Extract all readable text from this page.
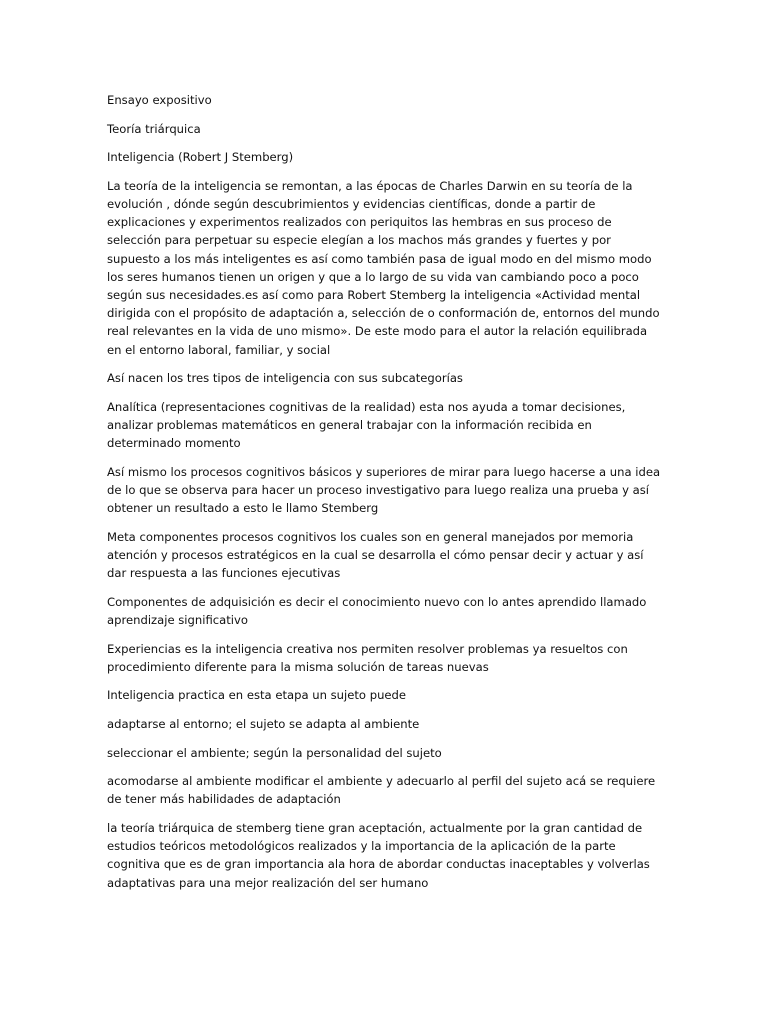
Ensayo expositivo

Teoría triárquica

Inteligencia (Robert J Stemberg)

La teoría de la inteligencia se remontan, a las épocas de Charles Darwin en su teoría de la evolución , dónde según descubrimientos y evidencias científicas, donde a partir de explicaciones y experimentos realizados con periquitos las hembras en sus proceso de selección para perpetuar su especie elegían a los machos más grandes y fuertes y por supuesto a los más inteligentes es así como también pasa de igual modo en del mismo modo los seres humanos tienen un origen y que a lo largo de su vida van cambiando poco a poco según sus necesidades.es así como para Robert Stemberg la inteligencia «Actividad mental dirigida con el propósito de adaptación a, selección de o conformación de, entornos del mundo real relevantes en la vida de uno mismo». De este modo para el autor la relación equilibrada en el entorno laboral, familiar, y social

Así nacen los tres tipos de inteligencia con sus subcategorías

Analítica (representaciones cognitivas de la realidad) esta nos ayuda a tomar decisiones, analizar problemas matemáticos en general trabajar con la información recibida en determinado momento

Así mismo los procesos cognitivos básicos y superiores de mirar para luego hacerse a una idea de lo que se observa para hacer un proceso investigativo para luego realiza una prueba y así obtener un resultado a esto le llamo Stemberg

Meta componentes procesos cognitivos los cuales son en general manejados por memoria atención y procesos estratégicos en la cual se desarrolla el cómo pensar decir y actuar y así dar respuesta a las funciones ejecutivas

Componentes de adquisición es decir el conocimiento nuevo con lo antes aprendido llamado aprendizaje significativo

Experiencias es la inteligencia creativa nos permiten resolver problemas ya resueltos con procedimiento diferente para la misma solución de tareas nuevas

Inteligencia practica en esta etapa un sujeto puede

adaptarse al entorno; el sujeto se adapta al ambiente

seleccionar el ambiente; según la personalidad del sujeto

acomodarse al ambiente modificar el ambiente y adecuarlo al perfil del sujeto acá se requiere de tener más habilidades de adaptación

la teoría triárquica de stemberg tiene gran aceptación, actualmente por la gran cantidad de estudios teóricos metodológicos realizados y la importancia de la aplicación de la parte cognitiva que es de gran importancia ala hora de abordar conductas inaceptables y volverlas adaptativas para una mejor realización del ser humano
